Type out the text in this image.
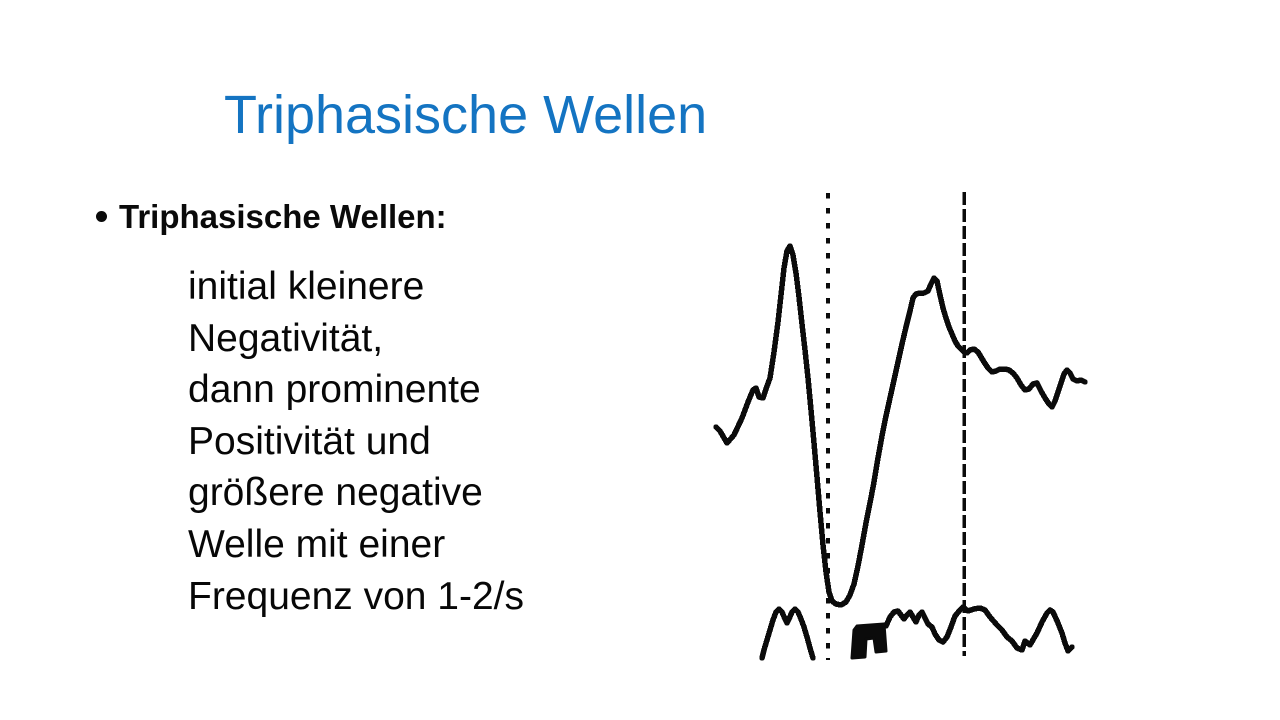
Triphasische Wellen
Triphasische Wellen:
initial kleinere
Negativität,
dann prominente
Positivität und
größere negative
Welle mit einer
Frequenz von 1-2/s
